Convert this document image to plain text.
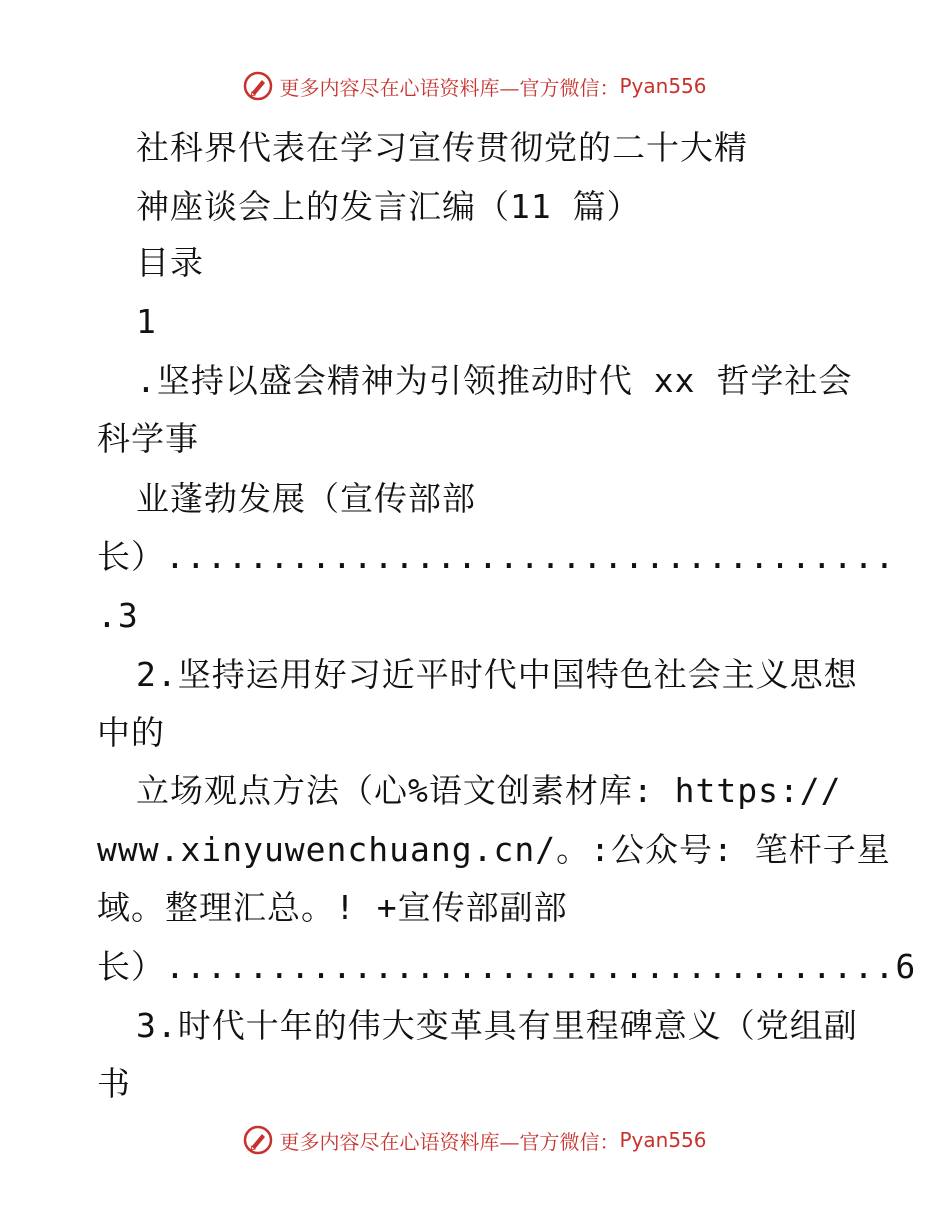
更多内容尽在心语资料库—官方微信：Pyan556
社科界代表在学习宣传贯彻党的二十大精
神座谈会上的发言汇编（11 篇）
目录
1
.坚持以盛会精神为引领推动时代 xx 哲学社会
科学事
业蓬勃发展（宣传部部
长）...................................
.3
2.坚持运用好习近平时代中国特色社会主义思想
中的
立场观点方法（心%语文创素材库: https://
www.xinyuwenchuang.cn/。:公众号: 笔杆子星
域。整理汇总。! +宣传部副部
长）...................................6
3.时代十年的伟大变革具有里程碑意义（党组副
书
更多内容尽在心语资料库—官方微信：Pyan556
